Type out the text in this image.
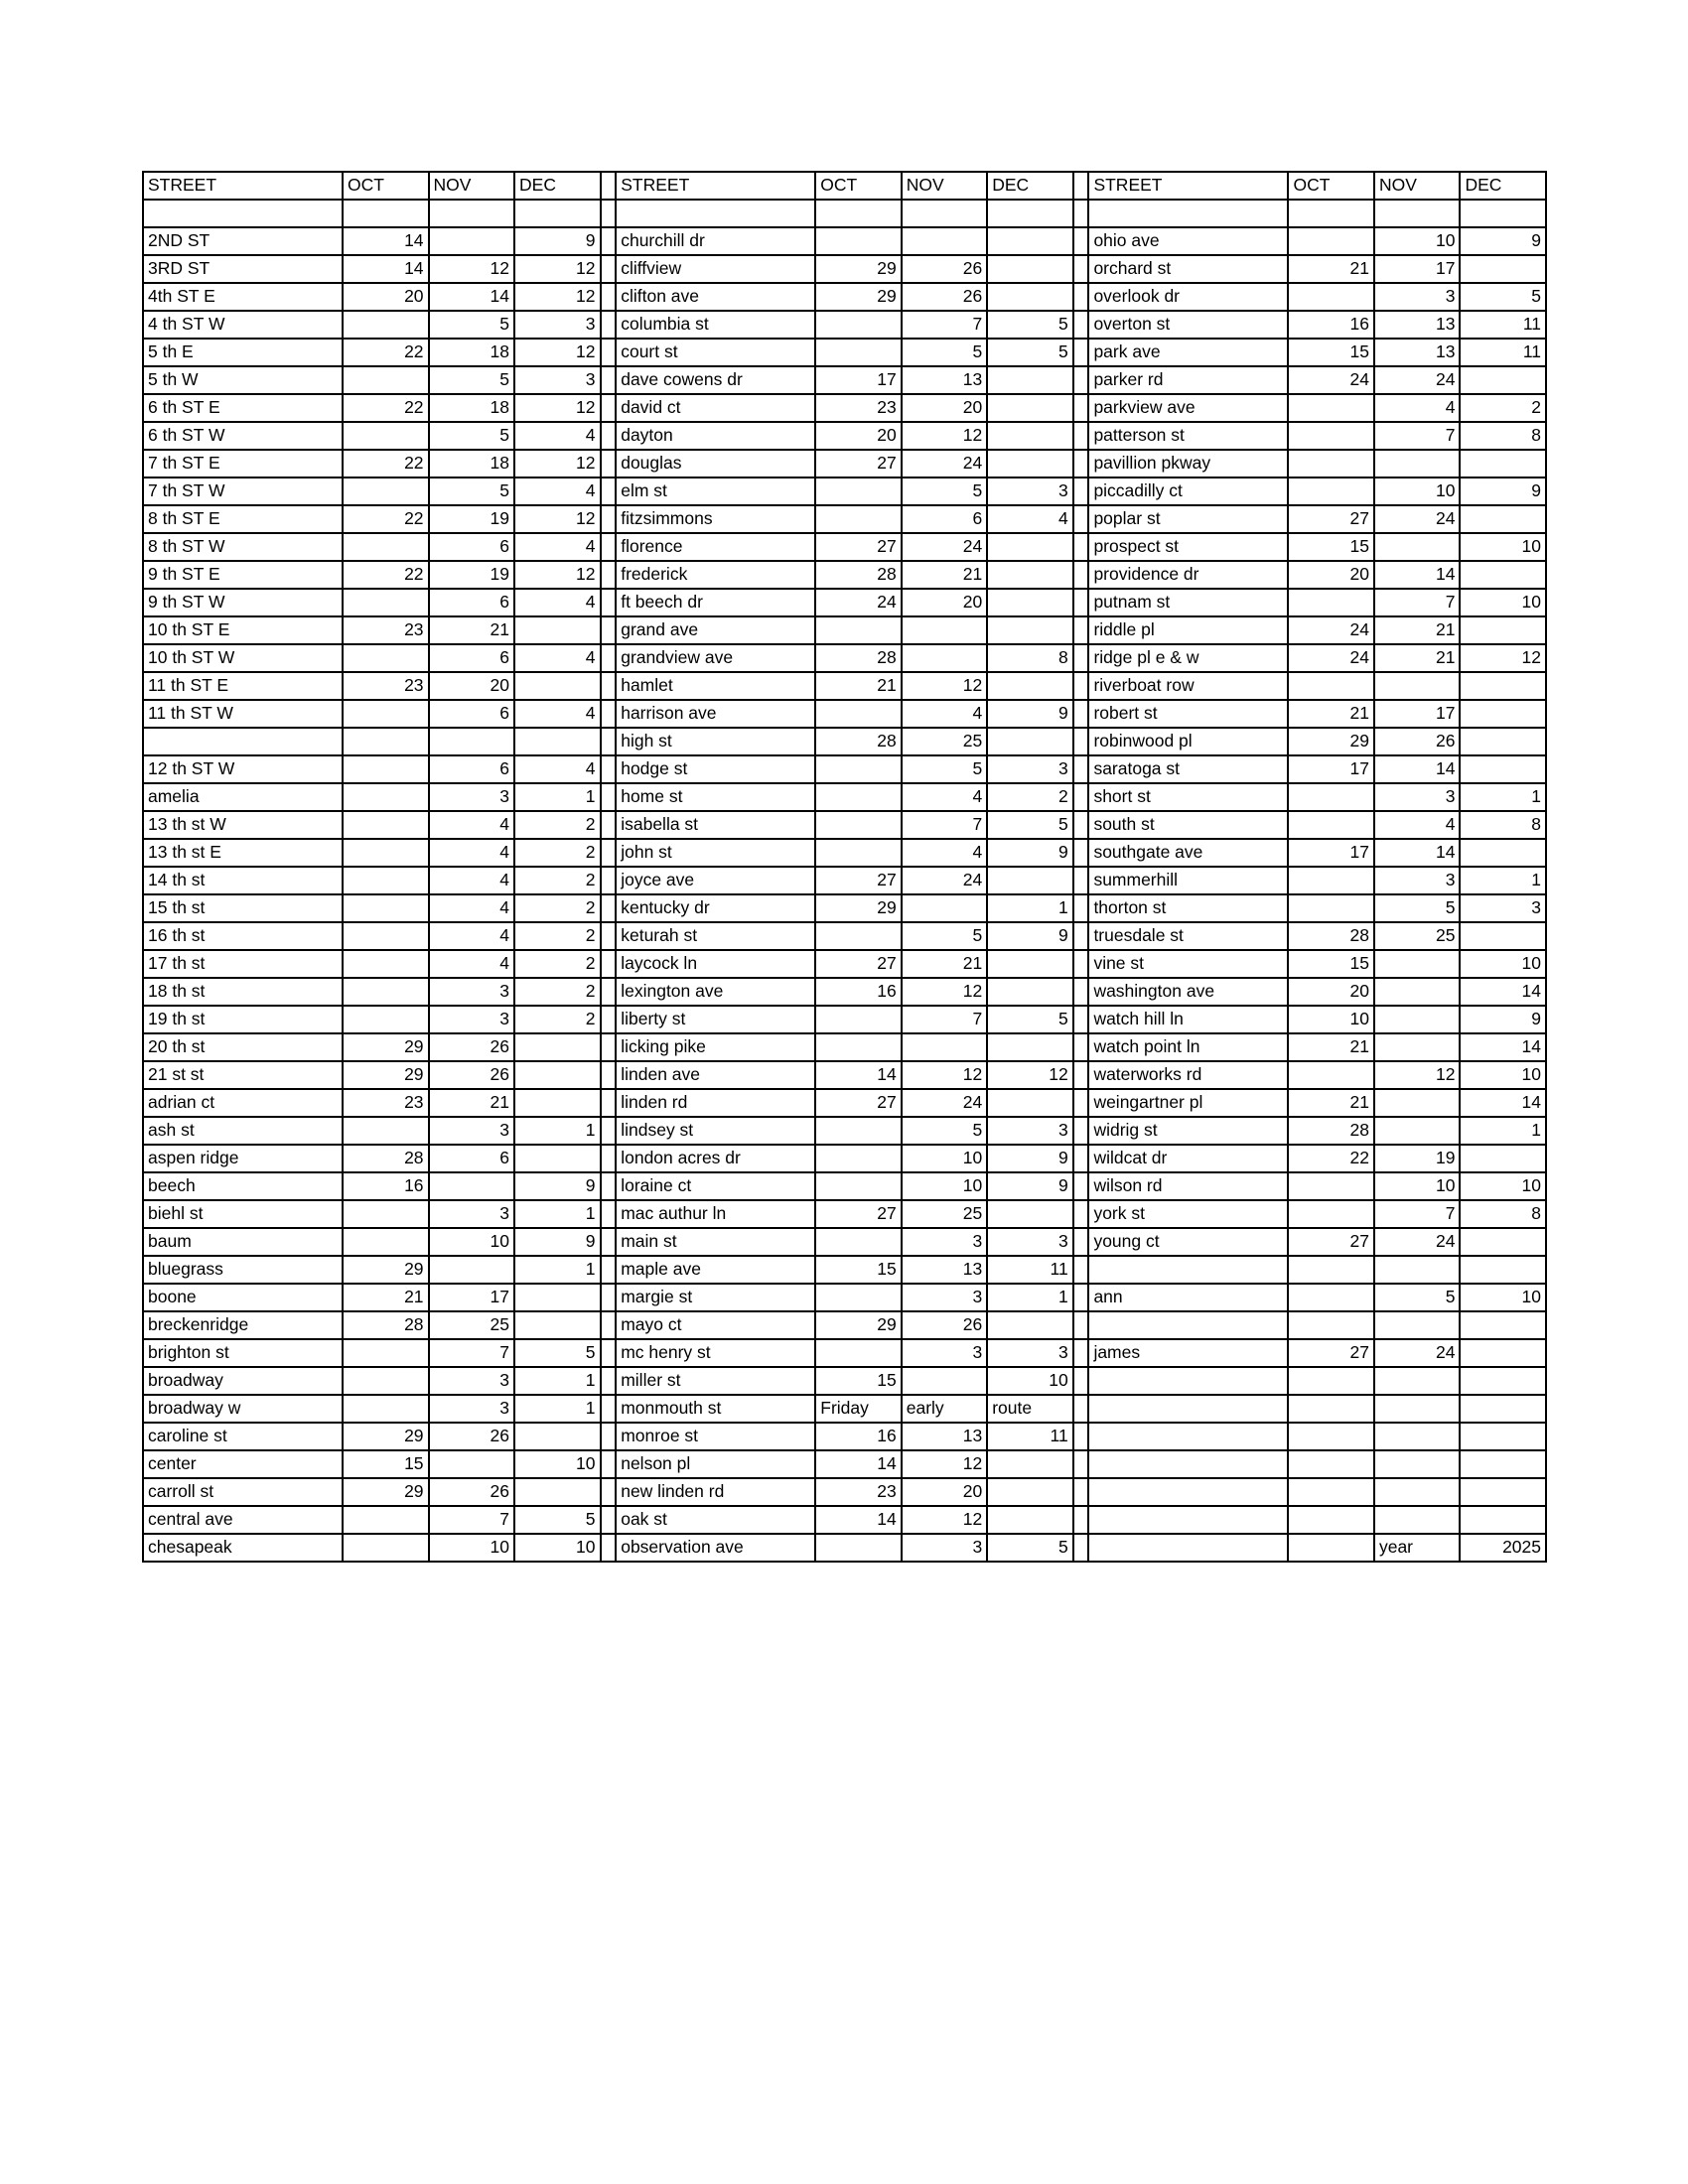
STREET	OCT	NOV	DEC		STREET	OCT	NOV	DEC		STREET	OCT	NOV	DEC

2ND ST	14		9		churchill dr					ohio ave		10	9
3RD ST	14	12	12		cliffview	29	26			orchard st	21	17	
4th ST E	20	14	12		clifton ave	29	26			overlook dr		3	5
4 th ST W		5	3		columbia st		7	5		overton st	16	13	11
5 th E	22	18	12		court st		5	5		park ave	15	13	11
5 th W		5	3		dave cowens dr	17	13			parker rd	24	24	
6 th ST E	22	18	12		david ct	23	20			parkview ave		4	2
6 th ST W		5	4		dayton	20	12			patterson st		7	8
7 th ST E	22	18	12		douglas	27	24			pavillion pkway			
7 th ST W		5	4		elm st		5	3		piccadilly ct		10	9
8 th ST E	22	19	12		fitzsimmons		6	4		poplar st	27	24	
8 th ST W		6	4		florence	27	24			prospect st	15		10
9 th ST E	22	19	12		frederick	28	21			providence dr	20	14	
9 th ST W		6	4		ft beech dr	24	20			putnam st		7	10
10 th ST E	23	21			grand ave					riddle pl	24	21	
10 th ST W		6	4		grandview ave	28		8		ridge pl e & w	24	21	12
11 th ST E	23	20			hamlet	21	12			riverboat row			
11 th ST W		6	4		harrison ave		4	9		robert st	21	17	
					high st	28	25			robinwood pl	29	26	
12 th ST W		6	4		hodge st		5	3		saratoga st	17	14	
amelia		3	1		home st		4	2		short st		3	1
13 th st W		4	2		isabella st		7	5		south st		4	8
13 th st E		4	2		john st		4	9		southgate ave	17	14	
14 th st		4	2		joyce ave	27	24			summerhill		3	1
15 th st		4	2		kentucky dr	29		1		thorton st		5	3
16 th st		4	2		keturah st		5	9		truesdale st	28	25	
17 th st		4	2		laycock ln	27	21			vine st	15		10
18 th st		3	2		lexington ave	16	12			washington ave	20		14
19 th st		3	2		liberty st		7	5		watch hill ln	10		9
20 th st	29	26			licking pike					watch point ln	21		14
21 st st	29	26			linden ave	14	12	12		waterworks rd		12	10
adrian ct	23	21			linden rd	27	24			weingartner pl	21		14
ash st		3	1		lindsey st		5	3		widrig st	28		1
aspen ridge	28	6			london acres dr		10	9		wildcat dr	22	19	
beech	16		9		loraine ct		10	9		wilson rd		10	10
biehl st		3	1		mac authur ln	27	25			york st		7	8
baum		10	9		main st		3	3		young ct	27	24	
bluegrass	29		1		maple ave	15	13	11					
boone	21	17			margie st		3	1		ann		5	10
breckenridge	28	25			mayo ct	29	26						
brighton st		7	5		mc henry st		3	3		james	27	24	
broadway		3	1		miller st	15		10					
broadway w		3	1		monmouth st	Friday	early	route					
caroline st	29	26			monroe st	16	13	11					
center	15		10		nelson pl	14	12						
carroll st	29	26			new linden rd	23	20						
central ave		7	5		oak st	14	12						
chesapeak		10	10		observation ave		3	5				year	2025
